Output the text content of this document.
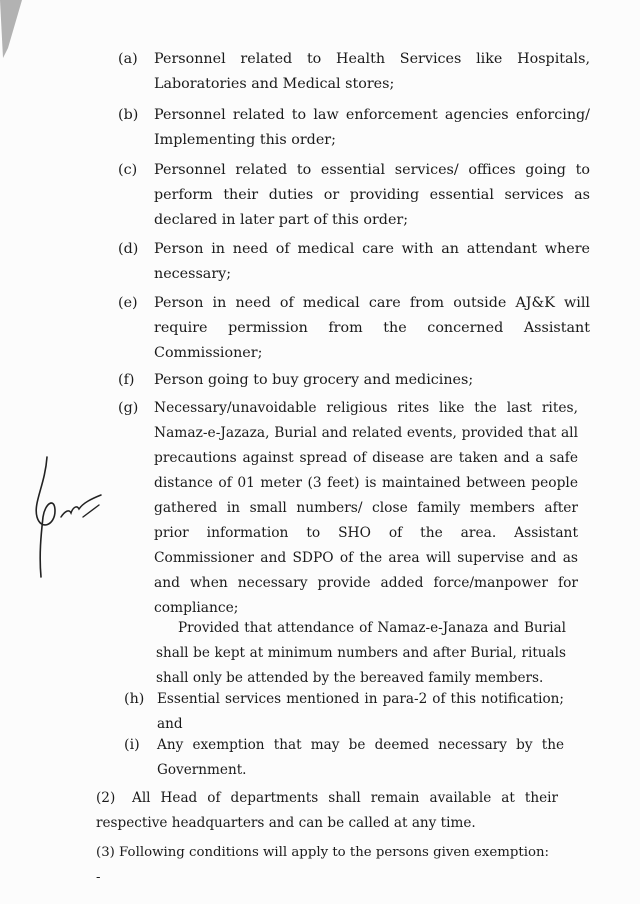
(a) Personnel related to Health Services like Hospitals, Laboratories and Medical stores;
(b) Personnel related to law enforcement agencies enforcing/ Implementing this order;
(c) Personnel related to essential services/ offices going to perform their duties or providing essential services as declared in later part of this order;
(d) Person in need of medical care with an attendant where necessary;
(e) Person in need of medical care from outside AJ&K will require permission from the concerned Assistant Commissioner;
(f) Person going to buy grocery and medicines;
(g) Necessary/unavoidable religious rites like the last rites, Namaz-e-Jazaza, Burial and related events, provided that all precautions against spread of disease are taken and a safe distance of 01 meter (3 feet) is maintained between people gathered in small numbers/ close family members after prior information to SHO of the area. Assistant Commissioner and SDPO of the area will supervise and as and when necessary provide added force/manpower for compliance;
Provided that attendance of Namaz-e-Janaza and Burial shall be kept at minimum numbers and after Burial, rituals shall only be attended by the bereaved family members.
(h) Essential services mentioned in para-2 of this notification; and
(i) Any exemption that may be deemed necessary by the Government.
(2) All Head of departments shall remain available at their respective headquarters and can be called at any time.
(3) Following conditions will apply to the persons given exemption: -
